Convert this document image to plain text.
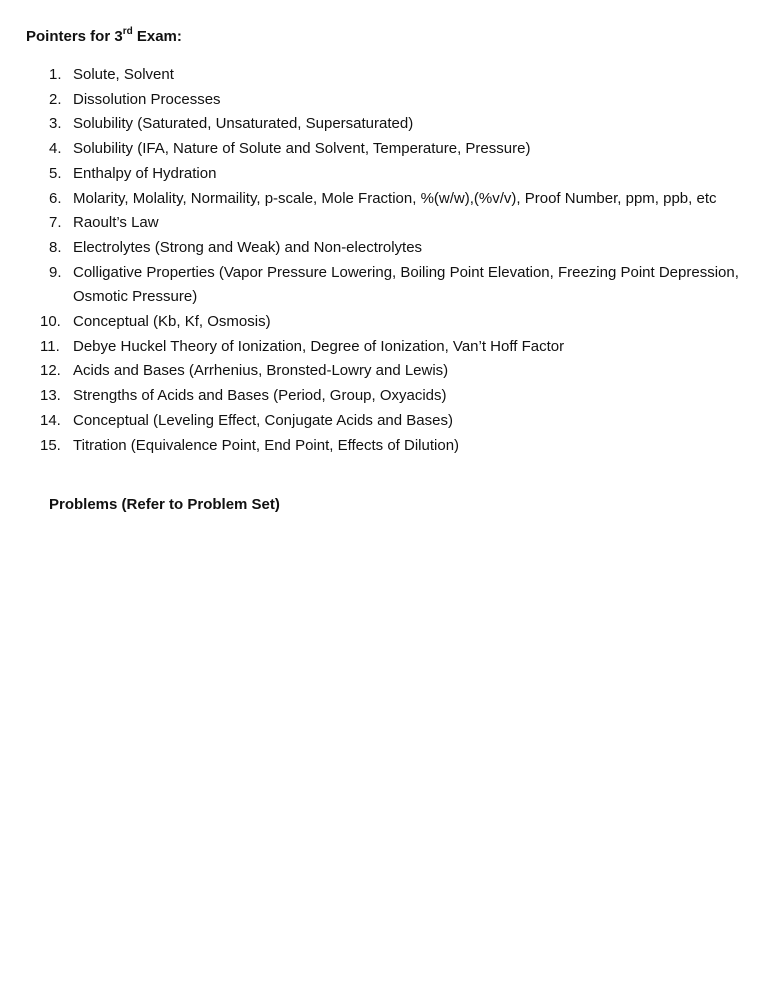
Pointers for 3rd Exam:
1. Solute, Solvent
2. Dissolution Processes
3. Solubility (Saturated, Unsaturated, Supersaturated)
4. Solubility (IFA, Nature of Solute and Solvent, Temperature, Pressure)
5. Enthalpy of Hydration
6. Molarity, Molality, Normaility, p-scale, Mole Fraction, %(w/w),(%v/v), Proof Number, ppm, ppb, etc
7. Raoult’s Law
8. Electrolytes (Strong and Weak) and Non-electrolytes
9. Colligative Properties (Vapor Pressure Lowering, Boiling Point Elevation, Freezing Point Depression, Osmotic Pressure)
10. Conceptual (Kb, Kf, Osmosis)
11. Debye Huckel Theory of Ionization, Degree of Ionization, Van’t Hoff Factor
12. Acids and Bases (Arrhenius, Bronsted-Lowry and Lewis)
13. Strengths of Acids and Bases (Period, Group, Oxyacids)
14. Conceptual (Leveling Effect, Conjugate Acids and Bases)
15. Titration (Equivalence Point, End Point, Effects of Dilution)
Problems (Refer to Problem Set)
